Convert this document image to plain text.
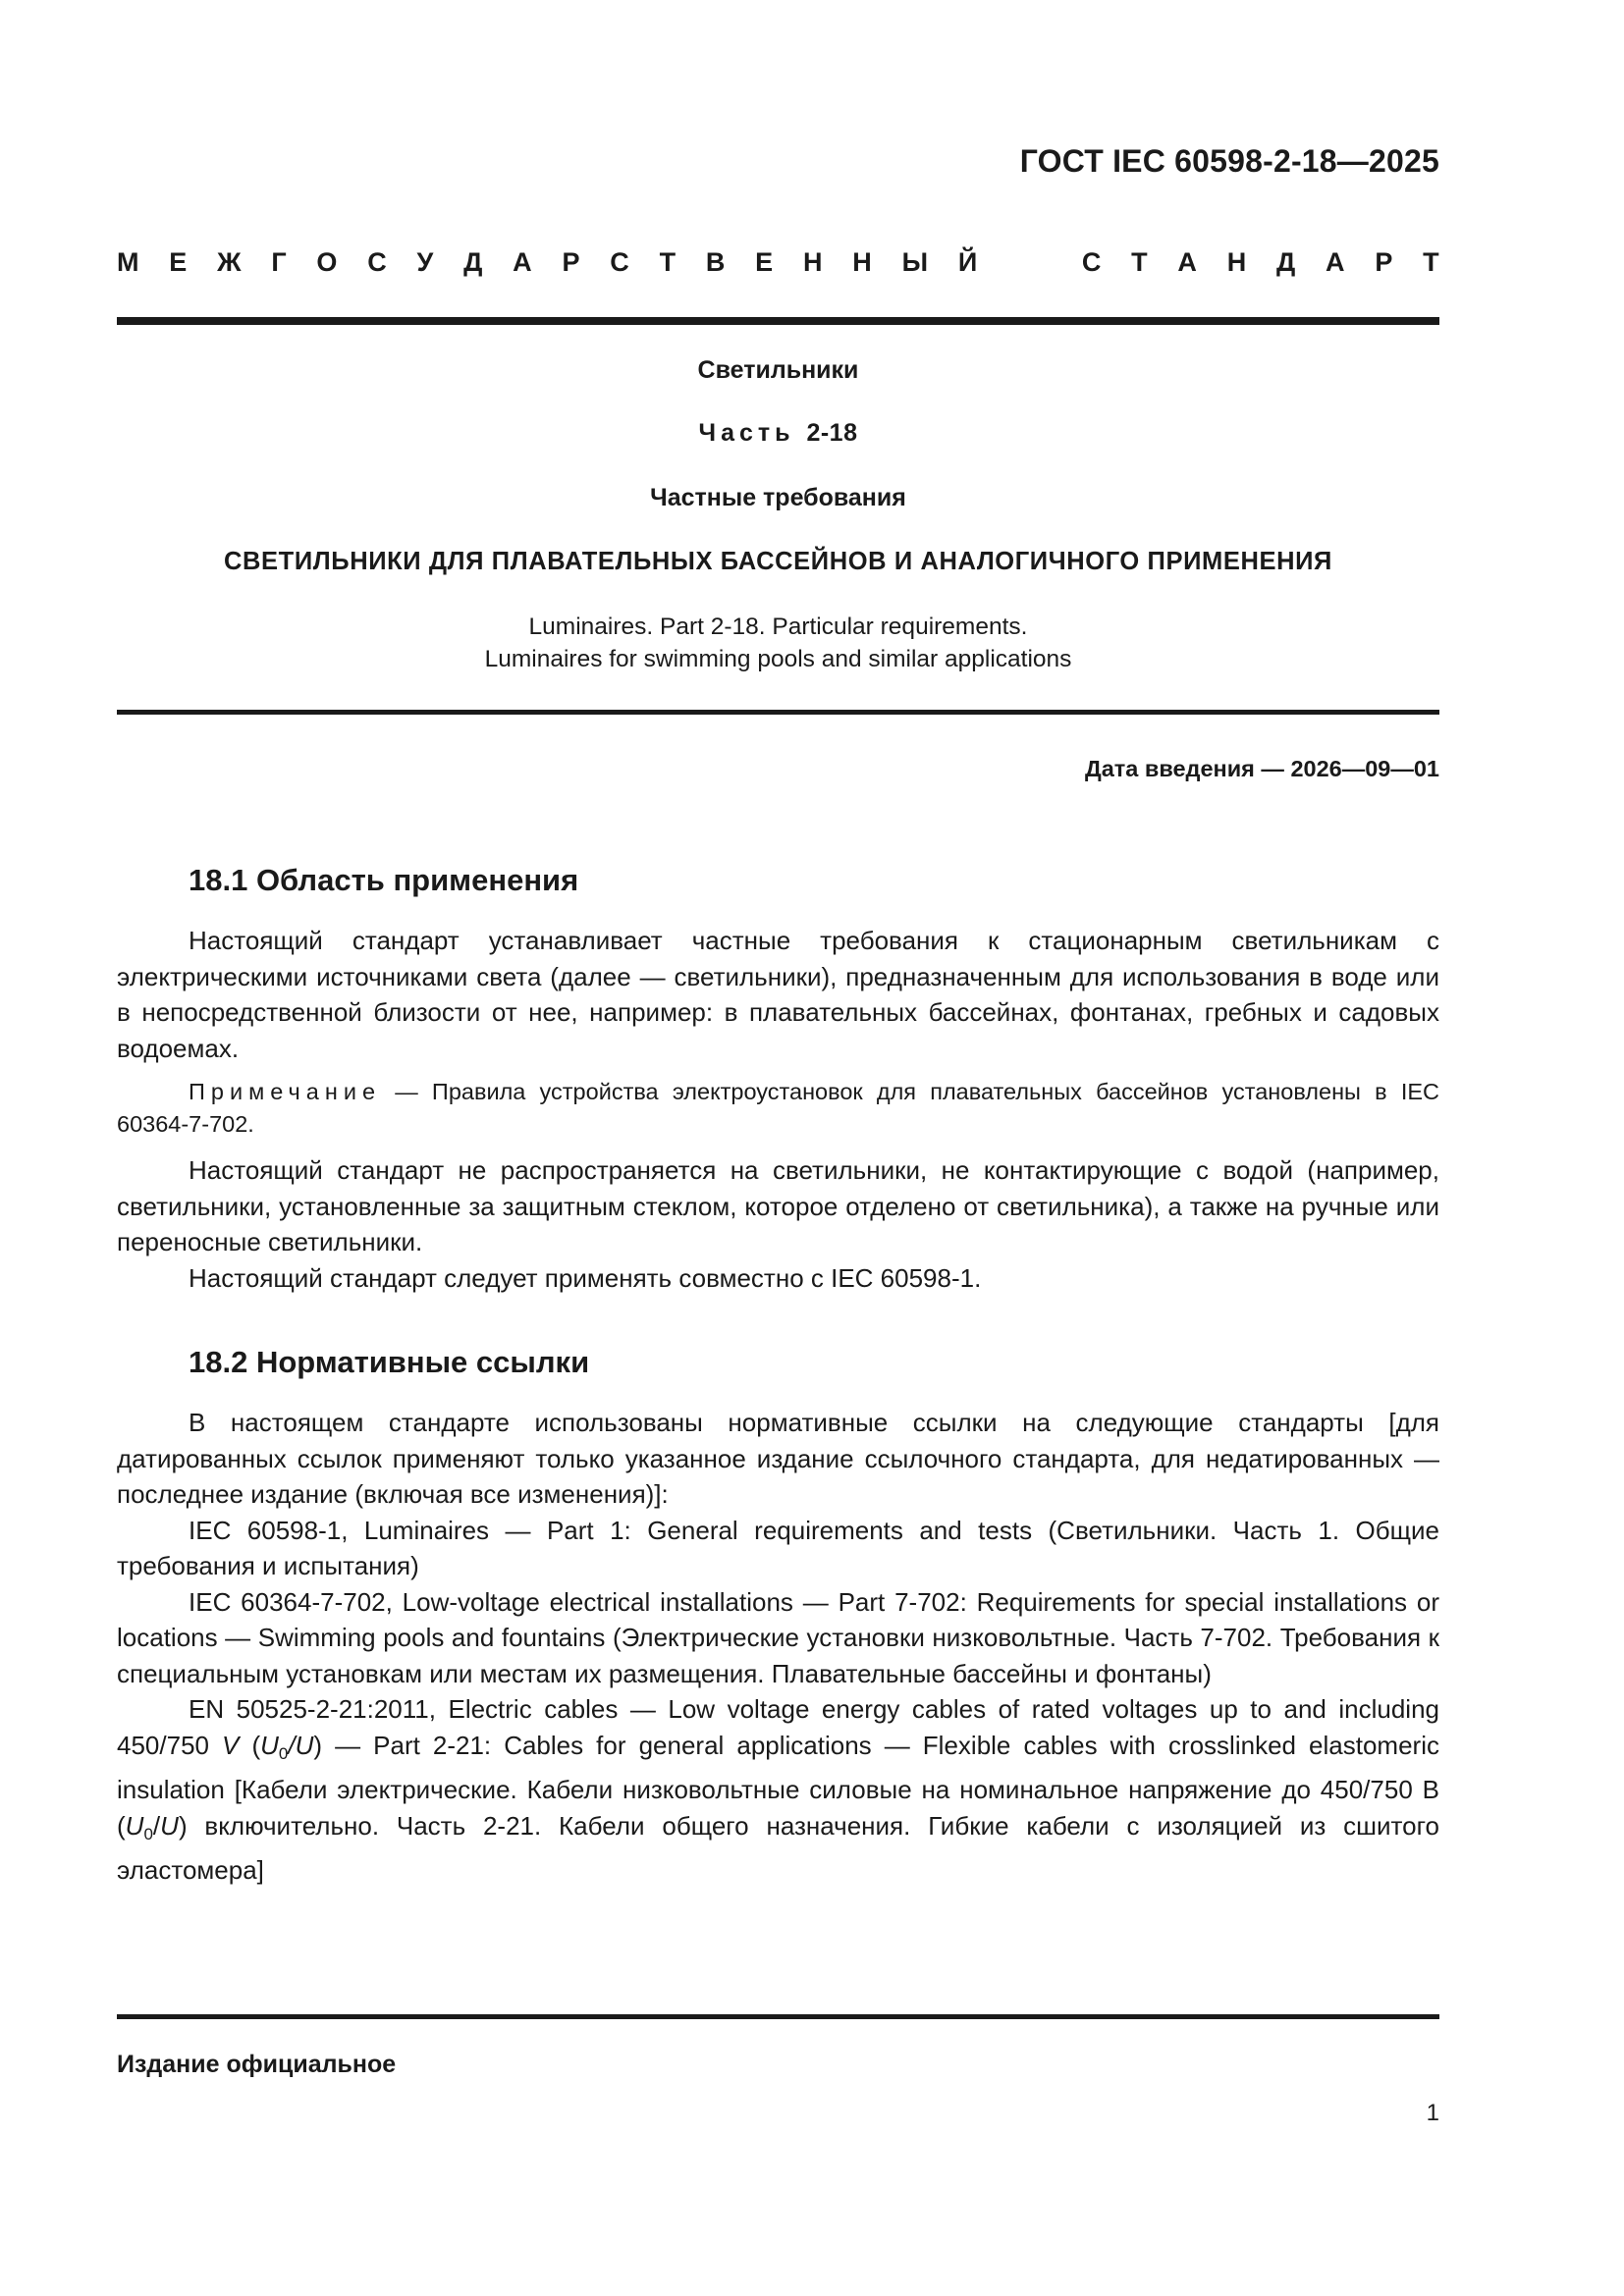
ГОСТ IEC 60598-2-18—2025
М Е Ж Г О С У Д А Р С Т В Е Н Н Ы Й	С Т А Н Д А Р Т
Светильники
Часть 2-18
Частные требования
СВЕТИЛЬНИКИ ДЛЯ ПЛАВАТЕЛЬНЫХ БАССЕЙНОВ И АНАЛОГИЧНОГО ПРИМЕНЕНИЯ
Luminaires. Part 2-18. Particular requirements.
Luminaires for swimming pools and similar applications
Дата введения — 2026—09—01
18.1 Область применения

Настоящий стандарт устанавливает частные требования к стационарным светильникам с электрическими источниками света (далее — светильники), предназначенным для использования в воде или в непосредственной близости от нее, например: в плавательных бассейнах, фонтанах, гребных и садовых водоемах.

Примечание — Правила устройства электроустановок для плавательных бассейнов установлены в IEC 60364-7-702.

Настоящий стандарт не распространяется на светильники, не контактирующие с водой (например, светильники, установленные за защитным стеклом, которое отделено от светильника), а также на ручные или переносные светильники.

Настоящий стандарт следует применять совместно с IEC 60598-1.

18.2 Нормативные ссылки

В настоящем стандарте использованы нормативные ссылки на следующие стандарты [для датированных ссылок применяют только указанное издание ссылочного стандарта, для недатированных — последнее издание (включая все изменения)]:

IEC 60598-1, Luminaires — Part 1: General requirements and tests (Светильники. Часть 1. Общие требования и испытания)

IEC 60364-7-702, Low-voltage electrical installations — Part 7-702: Requirements for special installations or locations — Swimming pools and fountains (Электрические установки низковольтные. Часть 7-702. Требования к специальным установкам или местам их размещения. Плавательные бассейны и фонтаны)

EN 50525-2-21:2011, Electric cables — Low voltage energy cables of rated voltages up to and including 450/750 V $(U_0/U)$ — Part 2-21: Cables for general applications — Flexible cables with crosslinked elastomeric insulation [Кабели электрические. Кабели низковольтные силовые на номинальное напряжение до 450/750 В $(U_0/U)$ включительно. Часть 2-21. Кабели общего назначения. Гибкие кабели с изоляцией из сшитого эластомера]

Издание официальное
1
